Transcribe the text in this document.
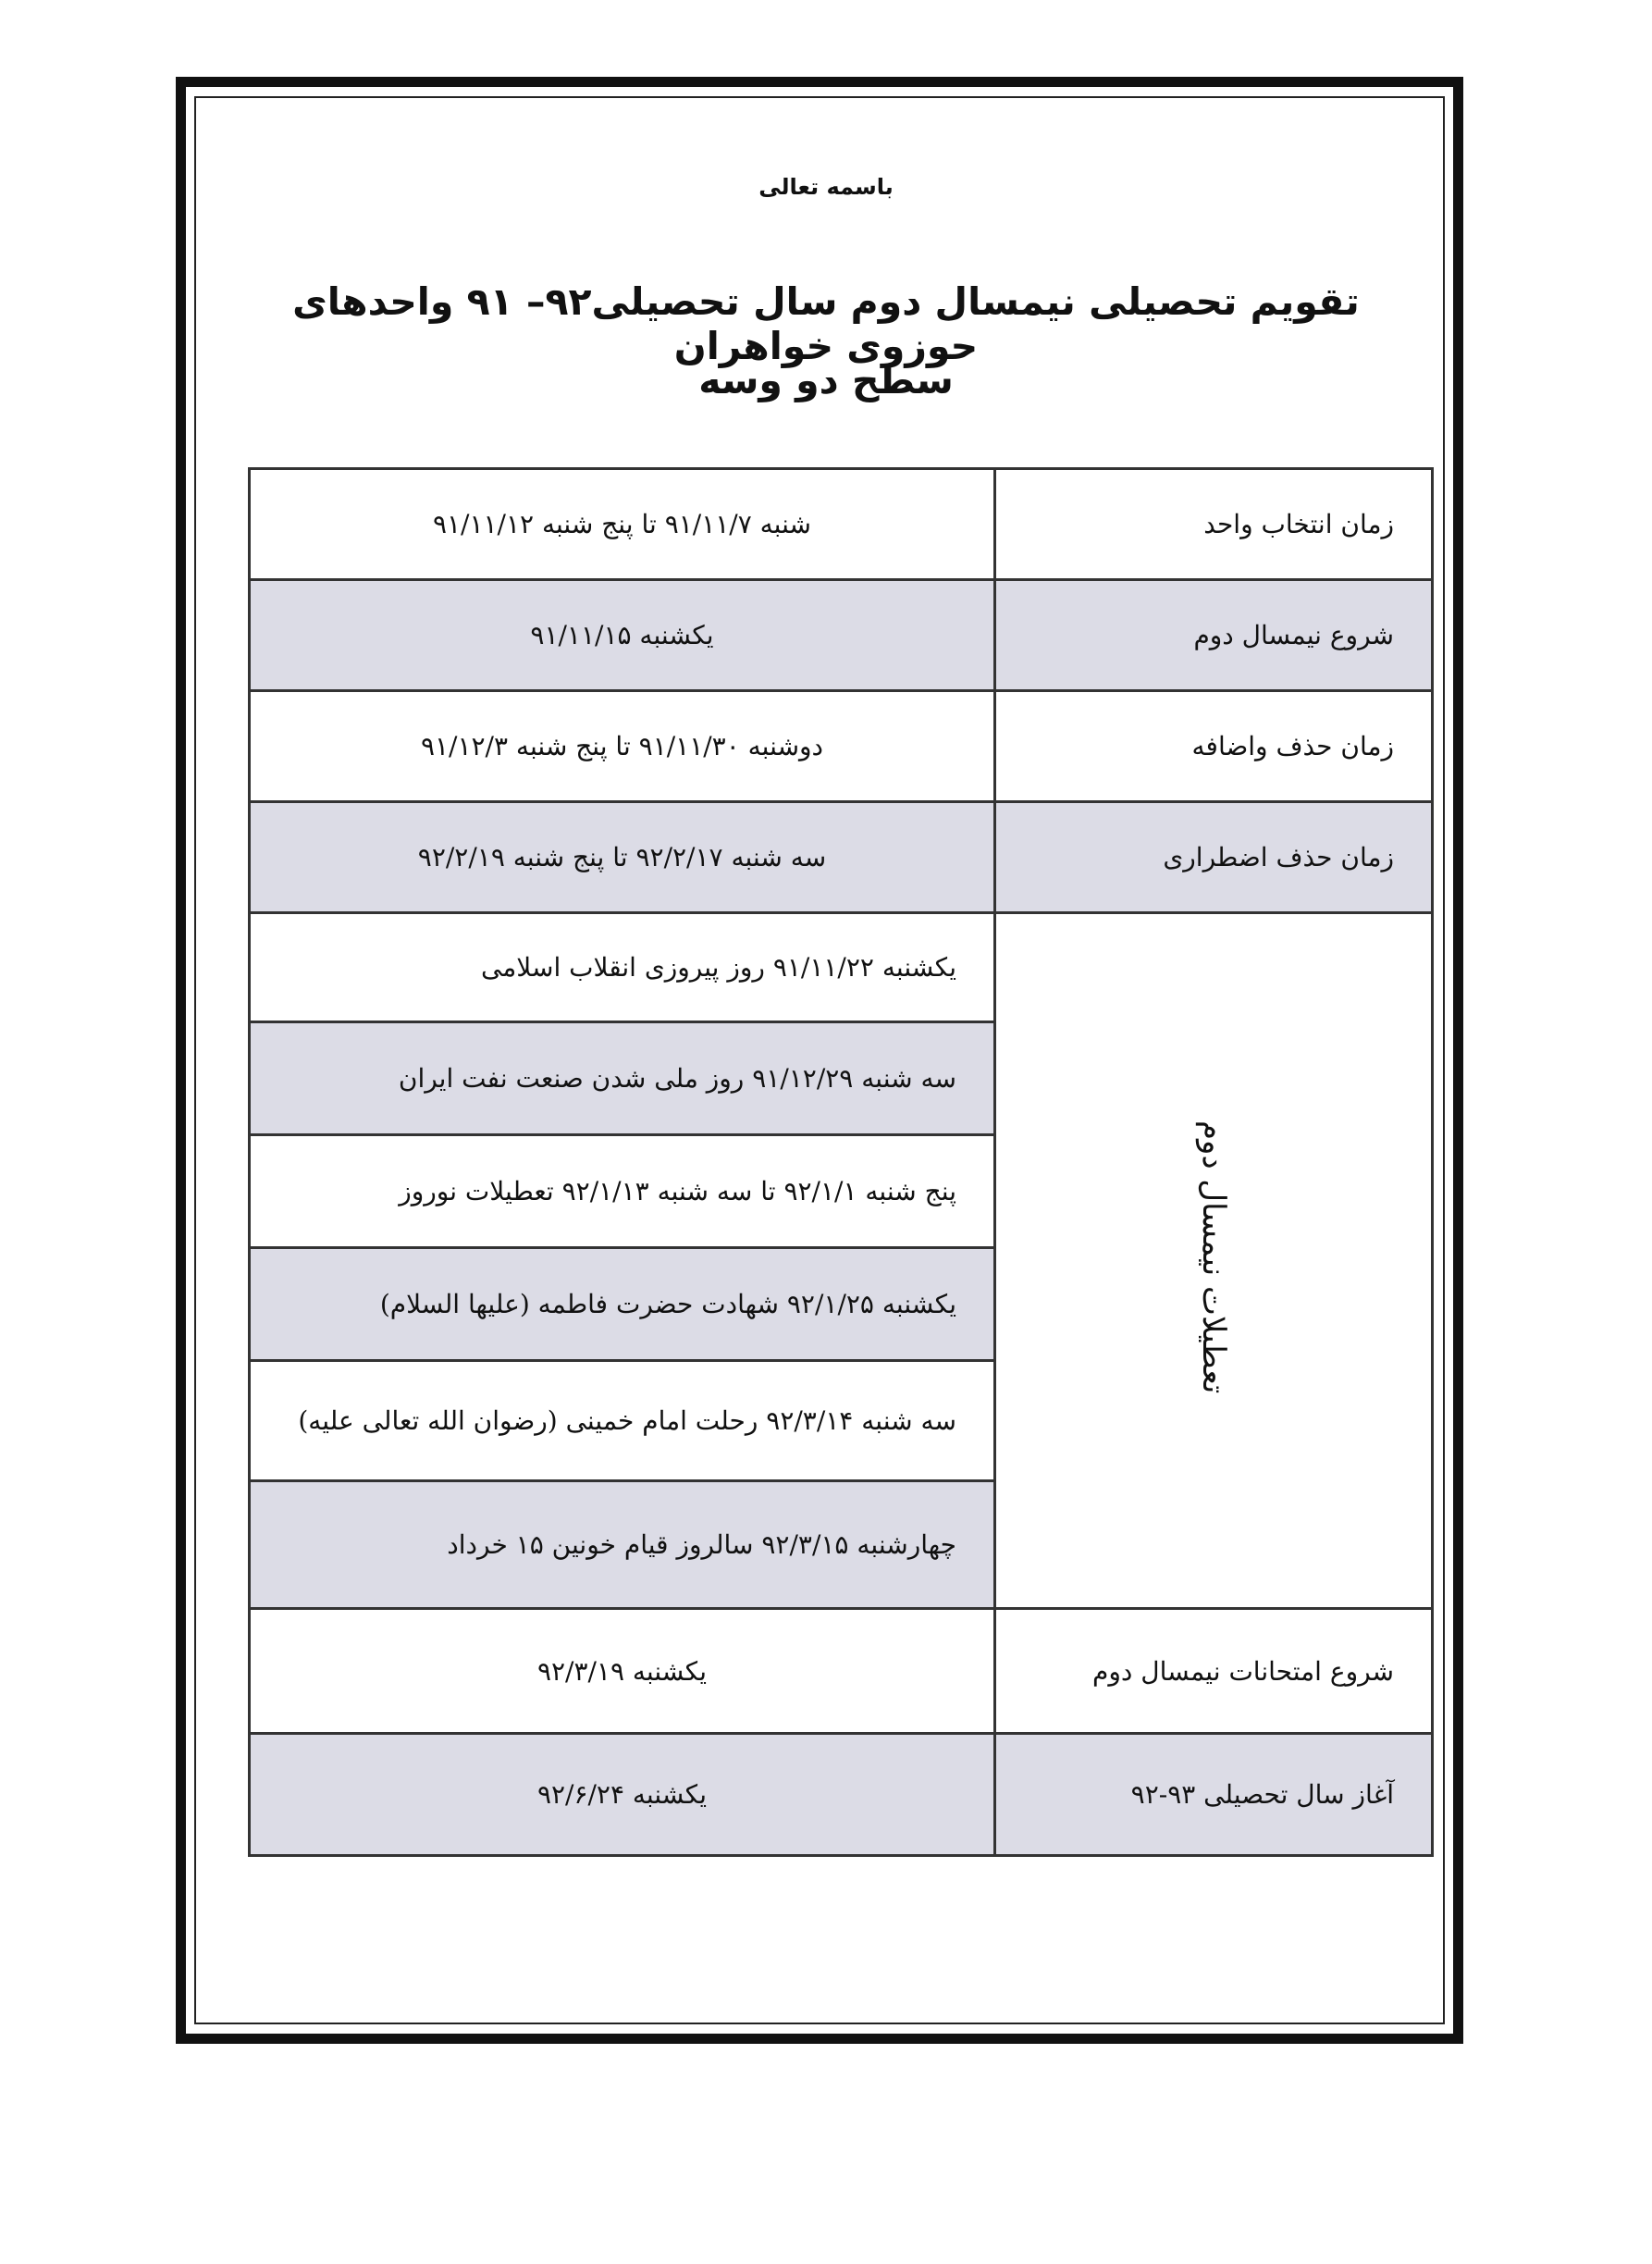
باسمه تعالی
تقویم تحصیلی نیمسال دوم سال تحصیلی۹۲– ۹۱ واحدهای حوزوی خواهران
سطح دو وسه
زمان انتخاب واحد	شنبه ۹۱/۱۱/۷ تا پنج شنبه ۹۱/۱۱/۱۲
شروع نیمسال دوم	یکشنبه ۹۱/۱۱/۱۵
زمان حذف واضافه	دوشنبه ۹۱/۱۱/۳۰ تا پنج شنبه ۹۱/۱۲/۳
زمان حذف اضطراری	سه شنبه ۹۲/۲/۱۷ تا پنج شنبه ۹۲/۲/۱۹
تعطیلات نیمسال دوم	یکشنبه ۹۱/۱۱/۲۲ روز پیروزی انقلاب اسلامی
	سه شنبه ۹۱/۱۲/۲۹ روز ملی شدن صنعت نفت ایران
	پنج شنبه ۹۲/۱/۱ تا سه شنبه ۹۲/۱/۱۳ تعطیلات نوروز
	یکشنبه ۹۲/۱/۲۵ شهادت حضرت فاطمه (علیها السلام)
	سه شنبه ۹۲/۳/۱۴ رحلت امام خمینی (رضوان الله تعالی علیه)
	چهارشنبه ۹۲/۳/۱۵ سالروز قیام خونین ۱۵ خرداد
شروع امتحانات نیمسال دوم	یکشنبه ۹۲/۳/۱۹
آغاز سال تحصیلی ۹۳-۹۲	یکشنبه ۹۲/۶/۲۴
